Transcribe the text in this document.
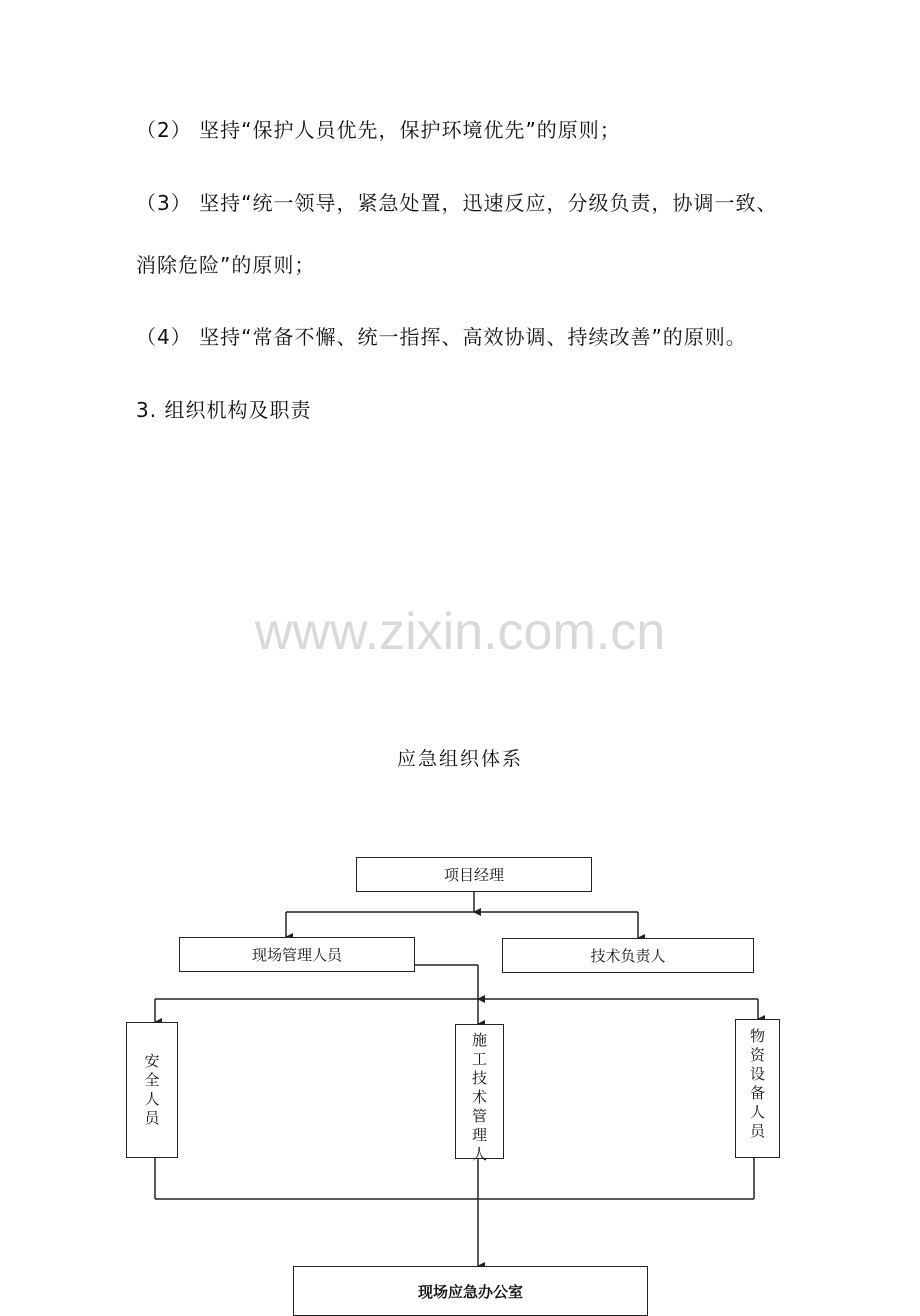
（2） 坚持“保护人员优先，保护环境优先”的原则；
（3） 坚持“统一领导，紧急处置，迅速反应，分级负责，协调一致、
消除危险”的原则；
（4） 坚持“常备不懈、统一指挥、高效协调、持续改善”的原则。
3. 组织机构及职责
www.zixin.com.cn
应急组织体系
项目经理
现场管理人员	技术负责人
安全人员
施工技术管理人
物资设备人员
现场应急办公室
